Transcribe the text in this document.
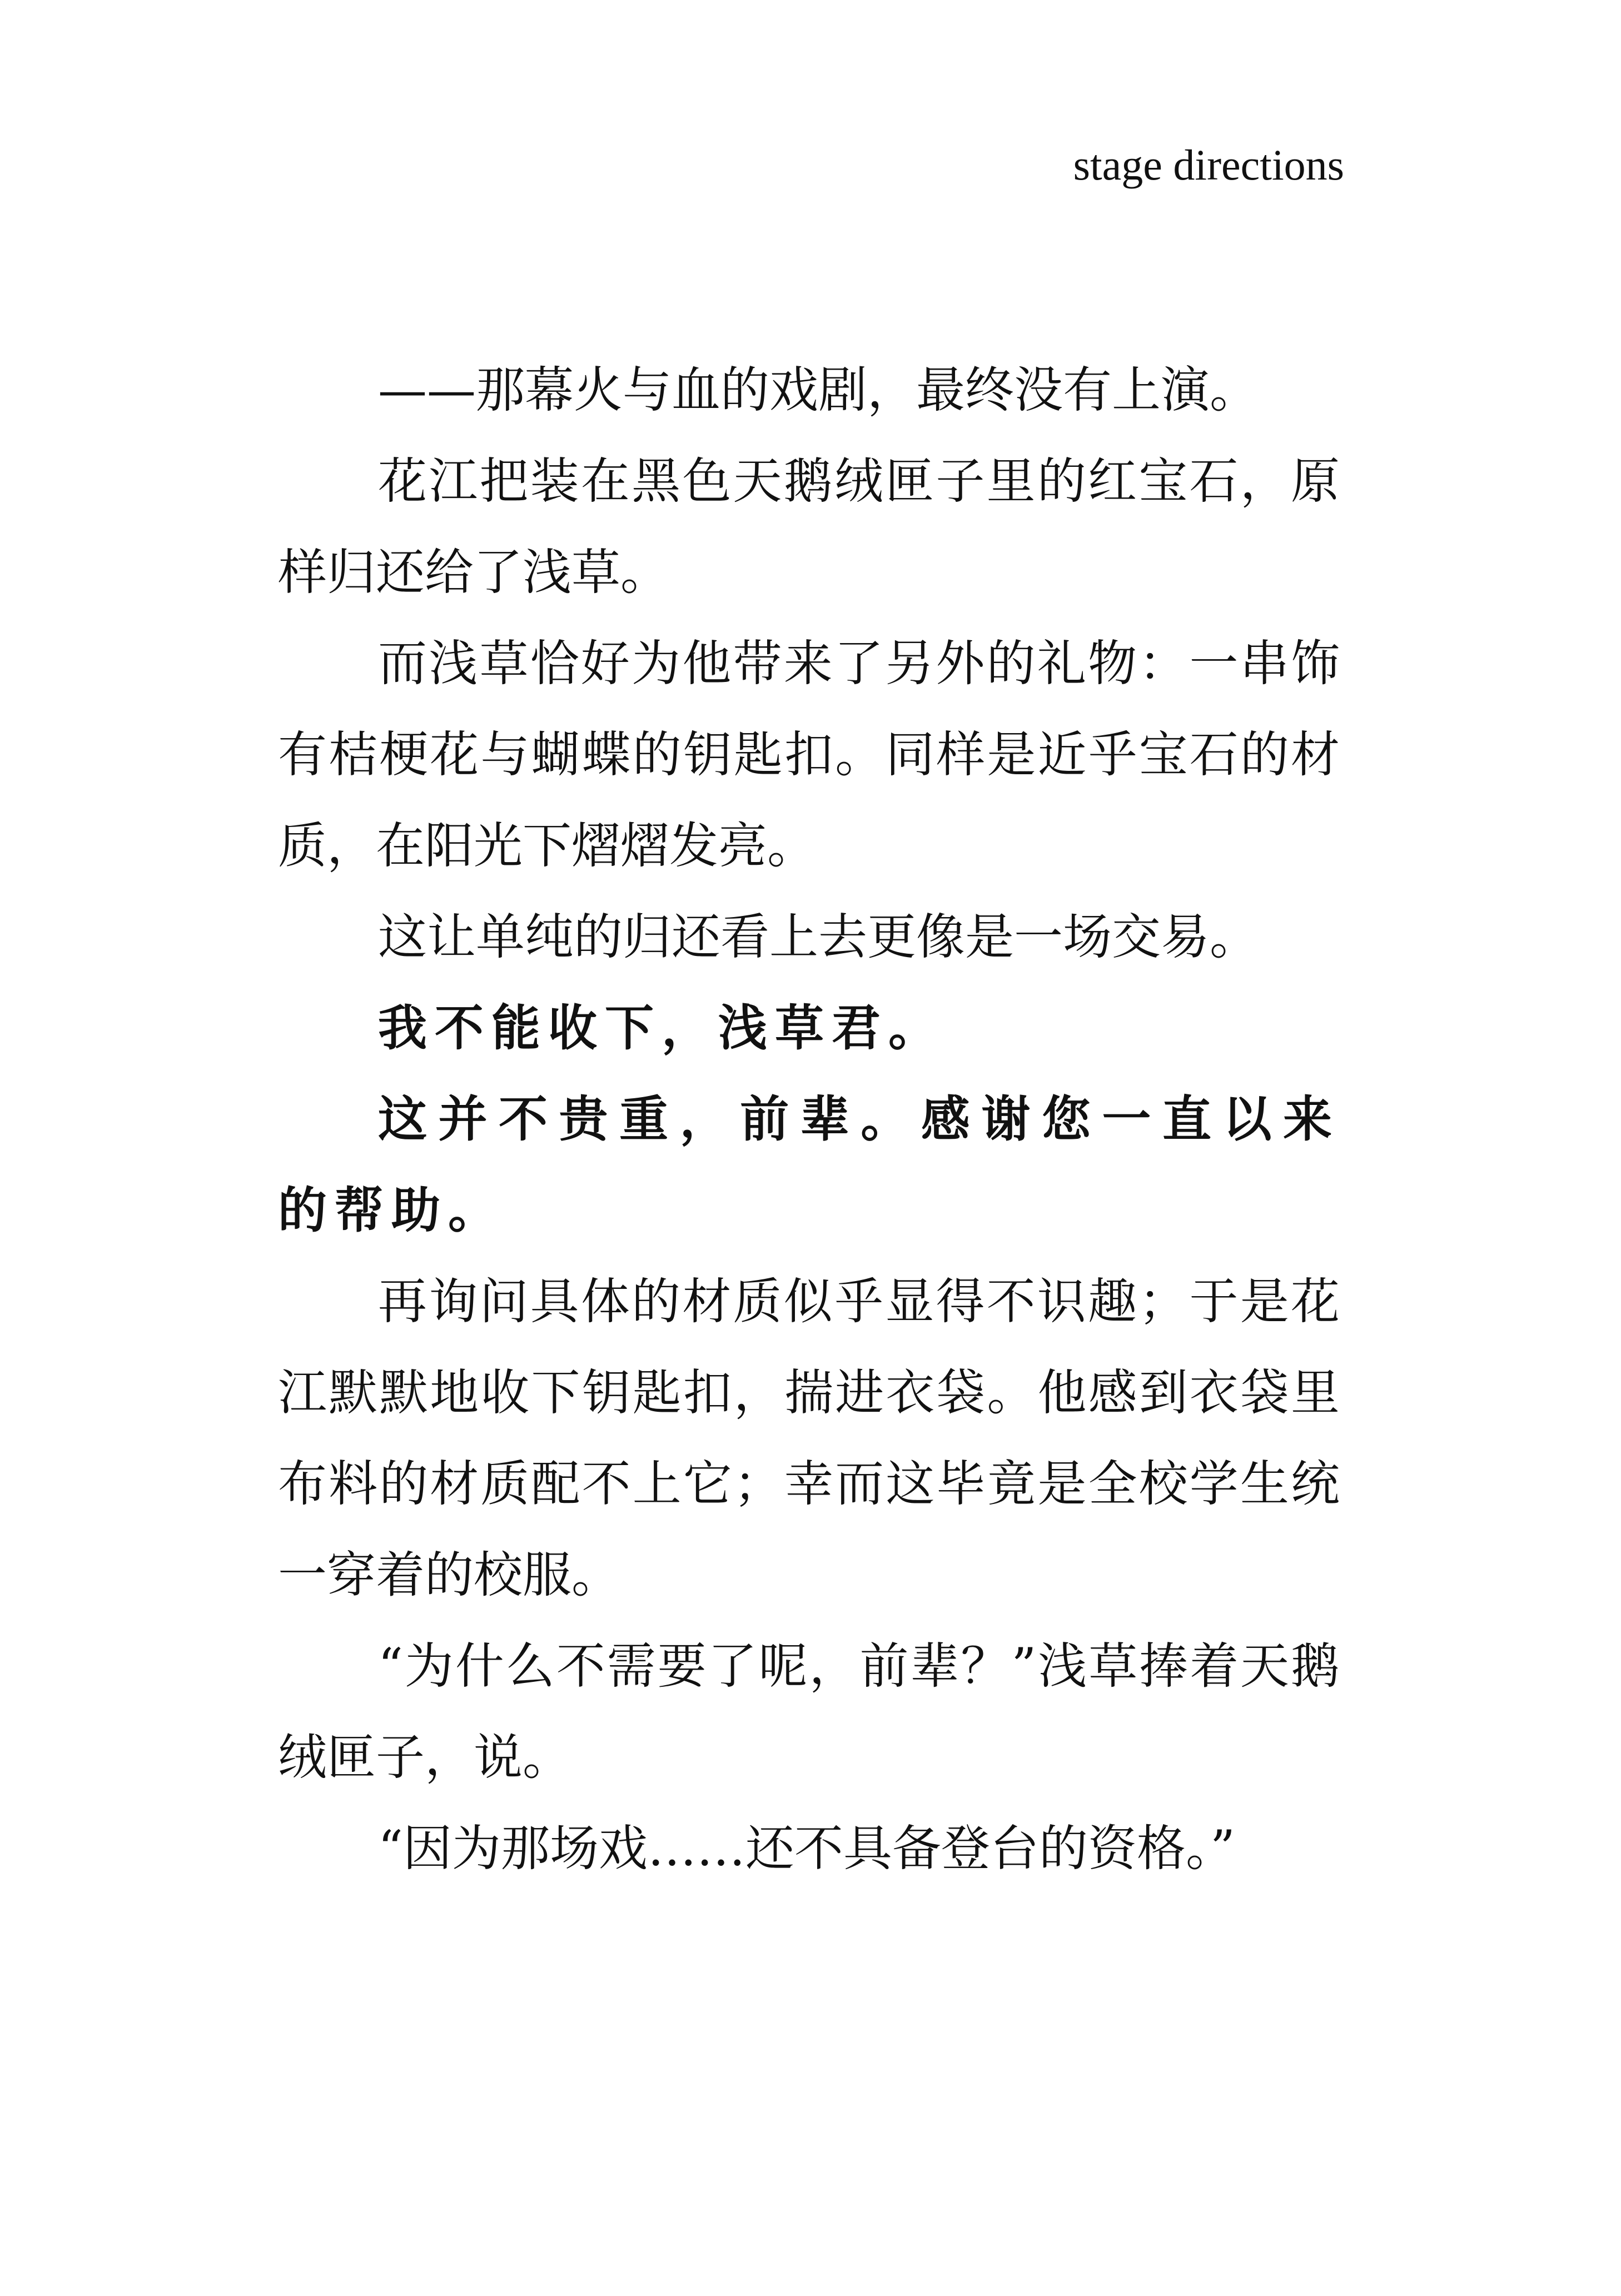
stage directions

——那幕火与血的戏剧，最终没有上演。

花江把装在黑色天鹅绒匣子里的红宝石，原样归还给了浅草。

而浅草恰好为他带来了另外的礼物：一串饰有桔梗花与蝴蝶的钥匙扣。同样是近乎宝石的材质，在阳光下熠熠发亮。

这让单纯的归还看上去更像是一场交易。

我不能收下，浅草君。

这并不贵重，前辈。感谢您一直以来的帮助。

再询问具体的材质似乎显得不识趣；于是花江默默地收下钥匙扣，揣进衣袋。他感到衣袋里布料的材质配不上它；幸而这毕竟是全校学生统一穿着的校服。

“为什么不需要了呢，前辈？”浅草捧着天鹅绒匣子，说。

“因为那场戏……还不具备登台的资格。”
